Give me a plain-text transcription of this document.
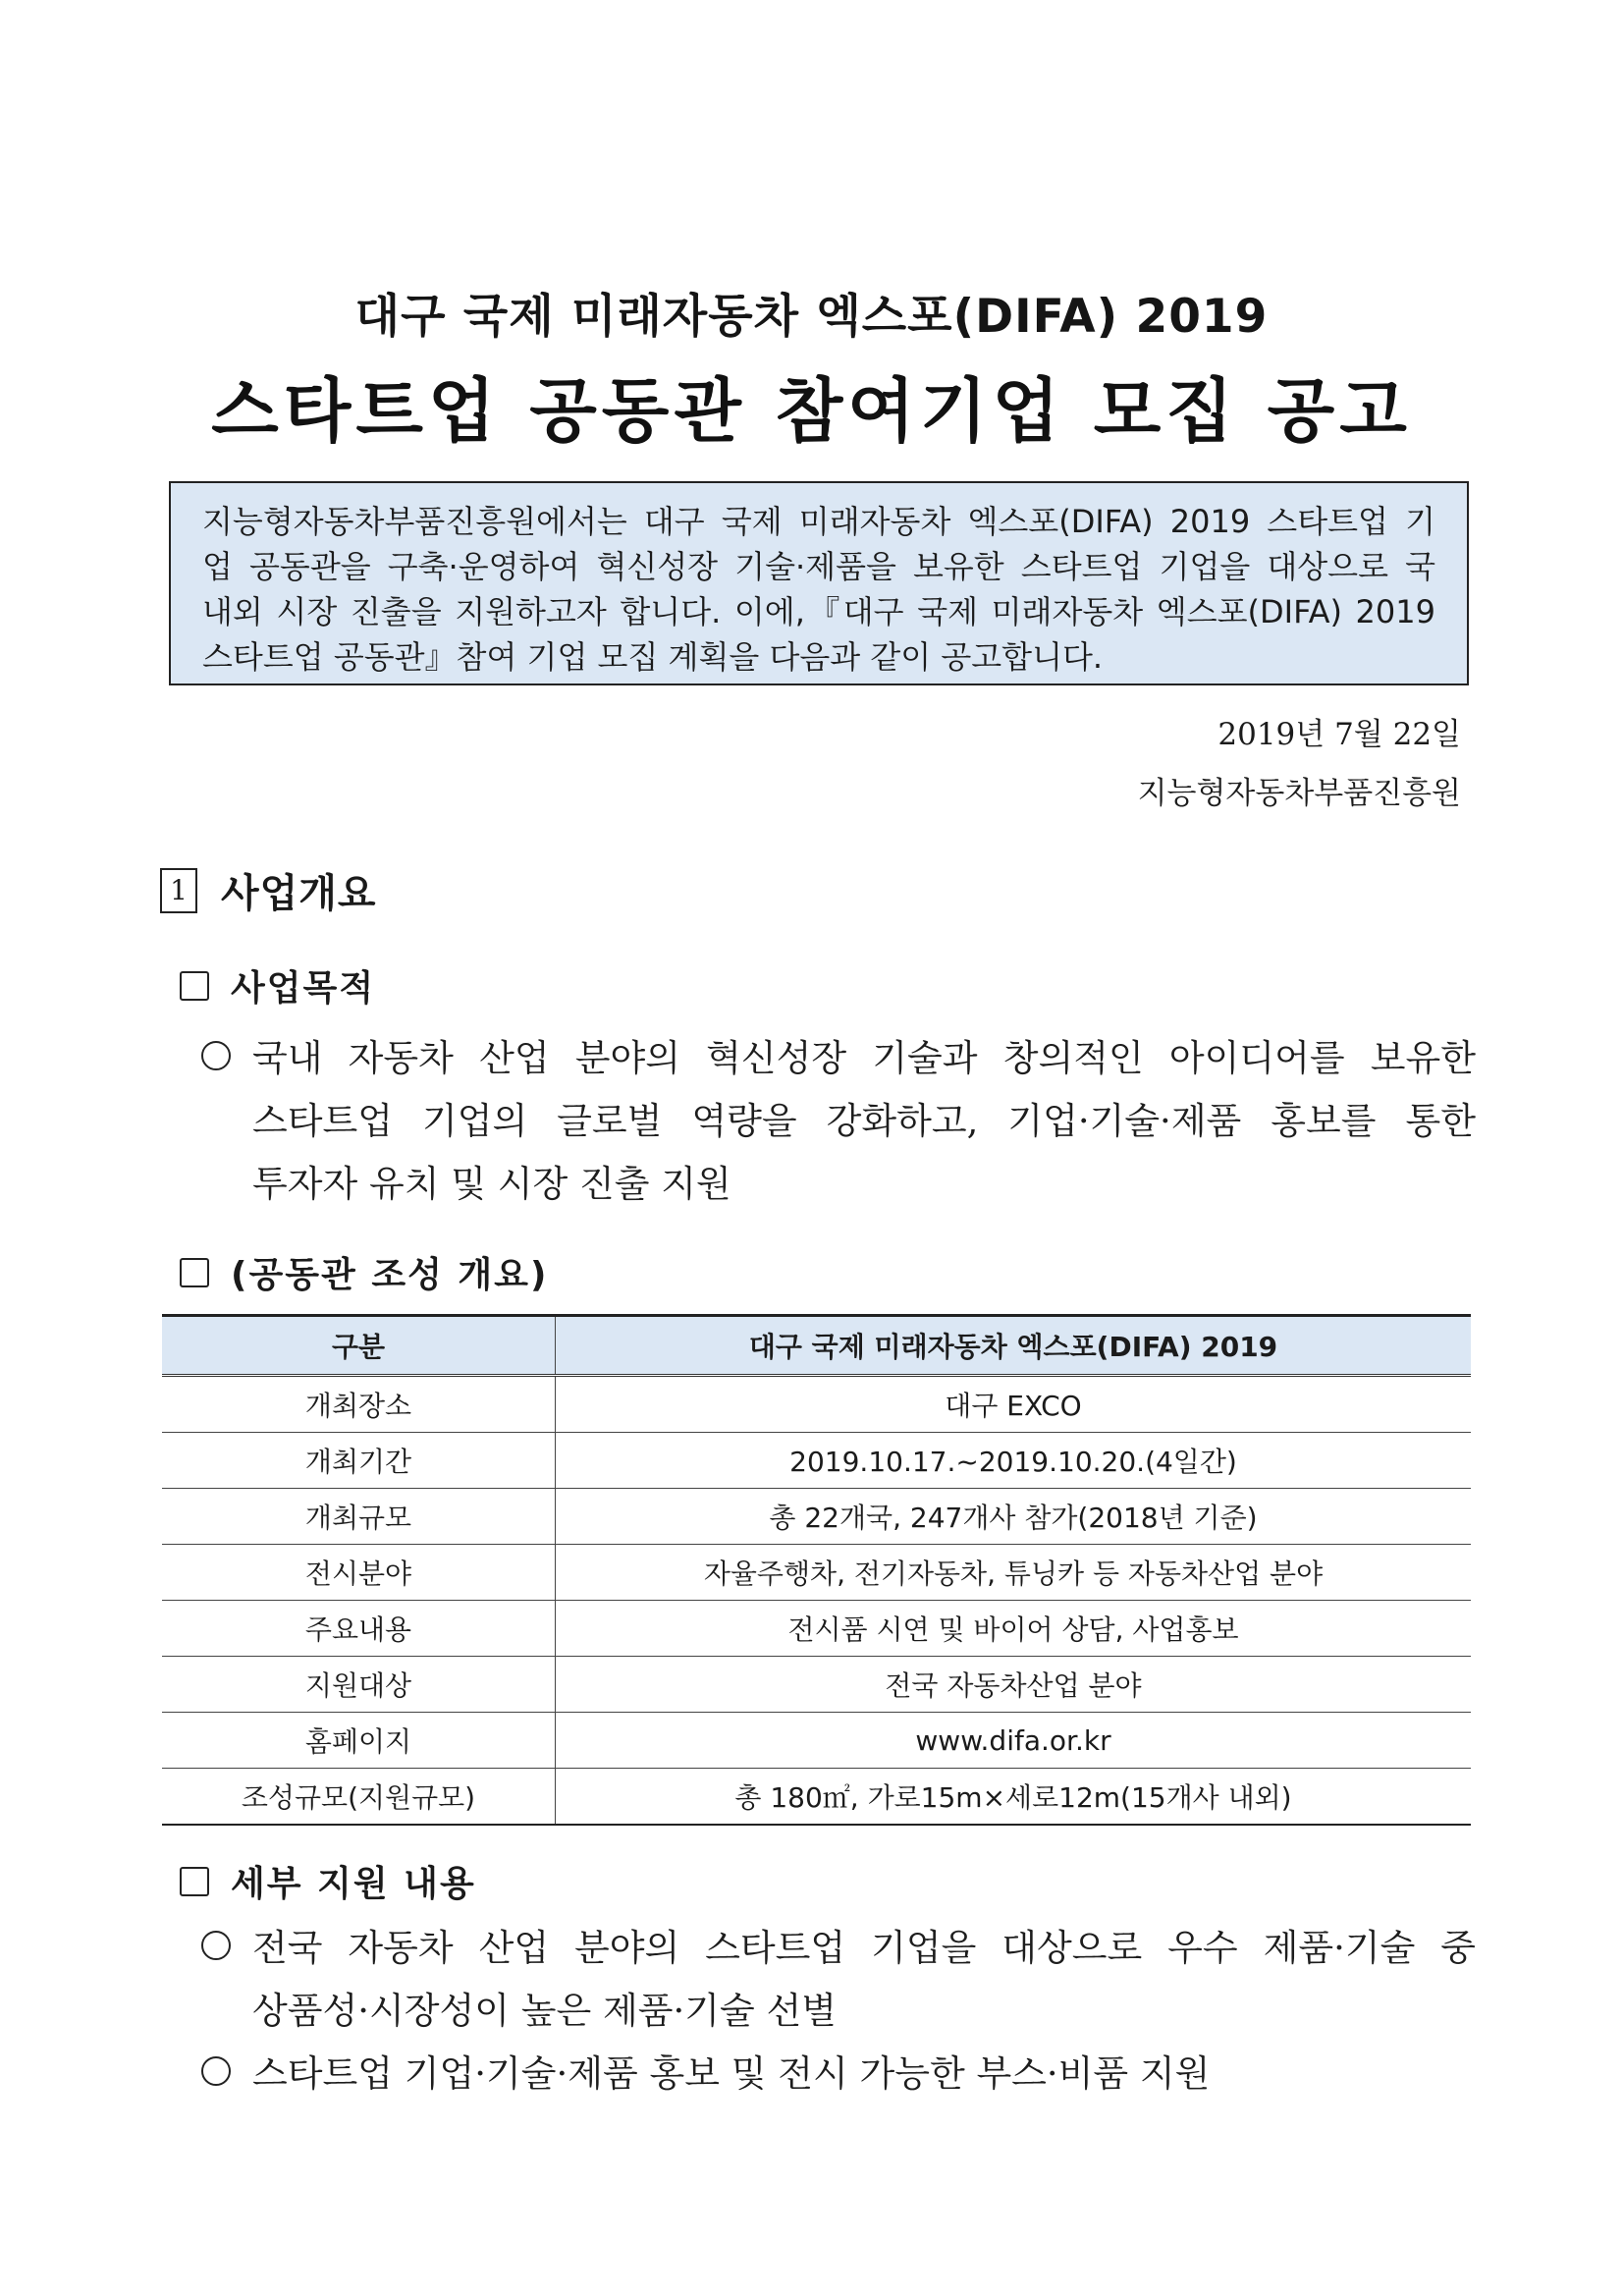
대구 국제 미래자동차 엑스포(DIFA) 2019
스타트업 공동관 참여기업 모집 공고
지능형자동차부품진흥원에서는 대구 국제 미래자동차 엑스포(DIFA) 2019 스타트업 기
업 공동관을 구축·운영하여 혁신성장 기술·제품을 보유한 스타트업 기업을 대상으로 국
내외 시장 진출을 지원하고자 합니다. 이에,『대구 국제 미래자동차 엑스포(DIFA) 2019
스타트업 공동관』참여 기업 모집 계획을 다음과 같이 공고합니다.
2019년 7월 22일
지능형자동차부품진흥원
1 사업개요
사업목적
국내 자동차 산업 분야의 혁신성장 기술과 창의적인 아이디어를 보유한
스타트업 기업의 글로벌 역량을 강화하고, 기업·기술·제품 홍보를 통한
투자자 유치 및 시장 진출 지원
(공동관 조성 개요)
구분	대구 국제 미래자동차 엑스포(DIFA) 2019
개최장소	대구 EXCO
개최기간	2019.10.17.~2019.10.20.(4일간)
개최규모	총 22개국, 247개사 참가(2018년 기준)
전시분야	자율주행차, 전기자동차, 튜닝카 등 자동차산업 분야
주요내용	전시품 시연 및 바이어 상담, 사업홍보
지원대상	전국 자동차산업 분야
홈페이지	www.difa.or.kr
조성규모(지원규모)	총 180㎡, 가로15m×세로12m(15개사 내외)
세부 지원 내용
전국 자동차 산업 분야의 스타트업 기업을 대상으로 우수 제품·기술 중
상품성·시장성이 높은 제품·기술 선별
스타트업 기업·기술·제품 홍보 및 전시 가능한 부스·비품 지원
